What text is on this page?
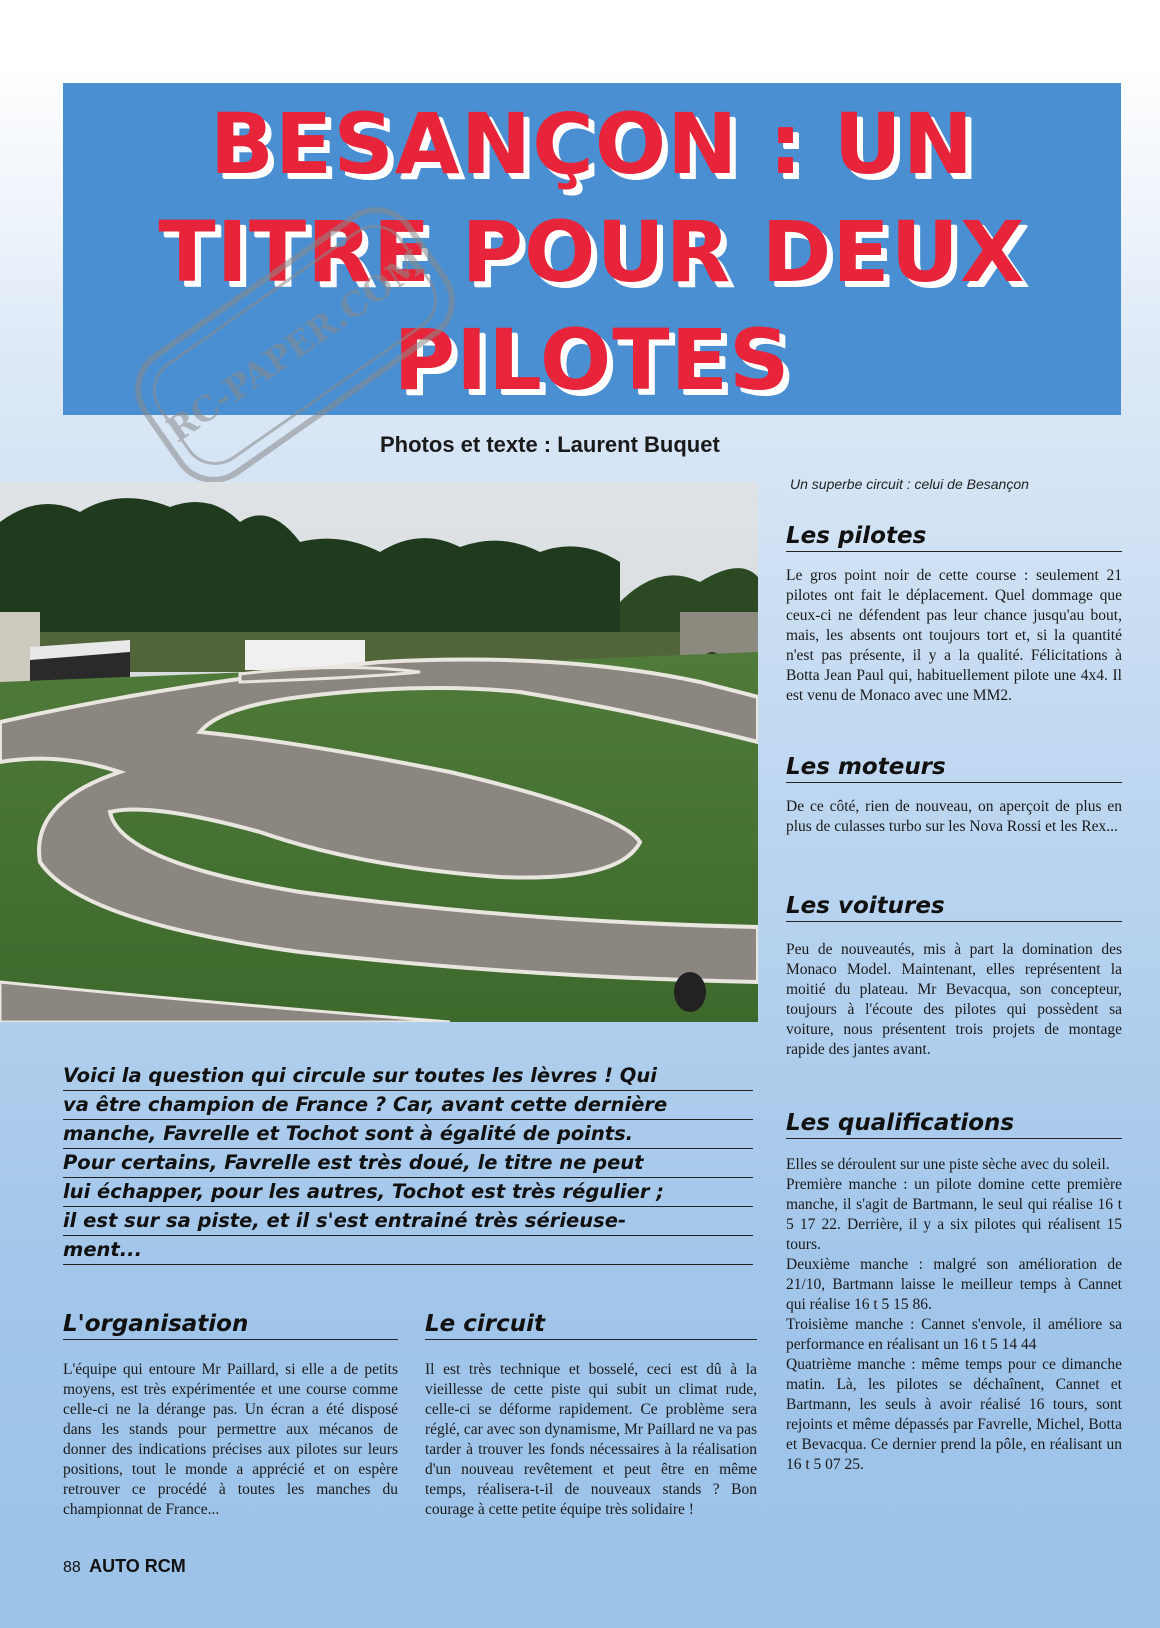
BESANÇON : UN
TITRE POUR DEUX
PILOTES
RC-PAPER.COM
Photos et texte : Laurent Buquet
Un superbe circuit : celui de Besançon
Les pilotes

Le gros point noir de cette course : seulement 21 pilotes ont fait le déplacement. Quel dommage que ceux-ci ne défendent pas leur chance jusqu'au bout, mais, les absents ont toujours tort et, si la quantité n'est pas présente, il y a la qualité. Félicitations à Botta Jean Paul qui, habituellement pilote une 4x4. Il est venu de Monaco avec une MM2.

Les moteurs

De ce côté, rien de nouveau, on aperçoit de plus en plus de culasses turbo sur les Nova Rossi et les Rex...

Les voitures

Peu de nouveautés, mis à part la domination des Monaco Model. Maintenant, elles représentent la moitié du plateau. Mr Bevacqua, son concepteur, toujours à l'écoute des pilotes qui possèdent sa voiture, nous présentent trois projets de montage rapide des jantes avant.

Les qualifications

Elles se déroulent sur une piste sèche avec du soleil.

Première manche : un pilote domine cette première manche, il s'agit de Bartmann, le seul qui réalise 16 t 5 17 22. Derrière, il y a six pilotes qui réalisent 15 tours.

Deuxième manche : malgré son amélioration de 21/10, Bartmann laisse le meilleur temps à Cannet qui réalise 16 t 5 15 86.

Troisième manche : Cannet s'envole, il améliore sa performance en réalisant un 16 t 5 14 44

Quatrième manche : même temps pour ce dimanche matin. Là, les pilotes se déchaînent, Cannet et Bartmann, les seuls à avoir réalisé 16 tours, sont rejoints et même dépassés par Favrelle, Michel, Botta et Bevacqua. Ce dernier prend la pôle, en réalisant un 16 t 5 07 25.

Voici la question qui circule sur toutes les lèvres ! Qui
va être champion de France ? Car, avant cette dernière
manche, Favrelle et Tochot sont à égalité de points.
Pour certains, Favrelle est très doué, le titre ne peut
lui échapper, pour les autres, Tochot est très régulier ;
il est sur sa piste, et il s'est entrainé très sérieuse-
ment...
L'organisation

L'équipe qui entoure Mr Paillard, si elle a de petits moyens, est très expérimentée et une course comme celle-ci ne la dérange pas. Un écran a été disposé dans les stands pour permettre aux mécanos de donner des indications précises aux pilotes sur leurs positions, tout le monde a apprécié et on espère retrouver ce procédé à toutes les manches du championnat de France...

Le circuit

Il est très technique et bosselé, ceci est dû à la vieillesse de cette piste qui subit un climat rude, celle-ci se déforme rapidement. Ce problème sera réglé, car avec son dynamisme, Mr Paillard ne va pas tarder à trouver les fonds nécessaires à la réalisation d'un nouveau revêtement et peut être en même temps, réalisera-t-il de nouveaux stands ? Bon courage à cette petite équipe très solidaire !

88 AUTO RCM
